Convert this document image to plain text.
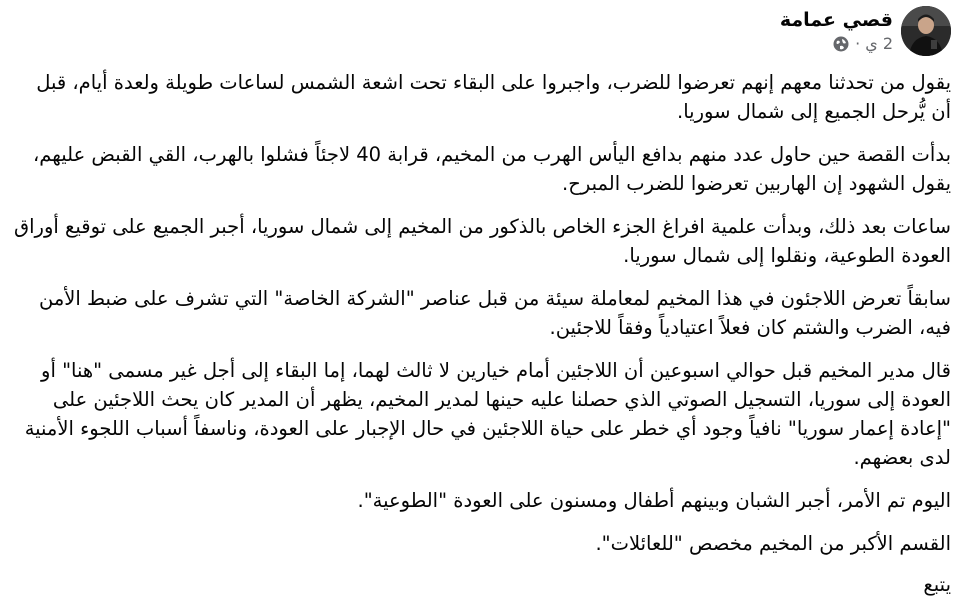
قصي عمامة
2 ي
·

يقول من تحدثنا معهم إنهم تعرضوا للضرب، واجبروا على البقاء تحت اشعة الشمس لساعات طويلة ولعدة أيام، قبل أن يُّرحل الجميع إلى شمال سوريا.

بدأت القصة حين حاول عدد منهم بدافع اليأس الهرب من المخيم، قرابة 40 لاجئاً فشلوا بالهرب، القي القبض عليهم، يقول الشهود إن الهاربين تعرضوا للضرب المبرح.

ساعات بعد ذلك، وبدأت علمية افراغ الجزء الخاص بالذكور من المخيم إلى شمال سوريا، أجبر الجميع على توقيع أوراق العودة الطوعية، ونقلوا إلى شمال سوريا.

سابقاً تعرض اللاجئون في هذا المخيم لمعاملة سيئة من قبل عناصر "الشركة الخاصة" التي تشرف على ضبط الأمن فيه، الضرب والشتم كان فعلاً اعتيادياً وفقاً للاجئين.

قال مدير المخيم قبل حوالي اسبوعين أن اللاجئين أمام خيارين لا ثالث لهما، إما البقاء إلى أجل غير مسمى "هنا" أو العودة إلى سوريا، التسجيل الصوتي الذي حصلنا عليه حينها لمدير المخيم، يظهر أن المدير كان يحث اللاجئين على "إعادة إعمار سوريا" نافياً وجود أي خطر على حياة اللاجئين في حال الإجبار على العودة، وناسفاً أسباب اللجوء الأمنية لدى بعضهم.

اليوم تم الأمر، أجبر الشبان وبينهم أطفال ومسنون على العودة "الطوعية".

القسم الأكبر من المخيم مخصص "للعائلات".

يتبع
